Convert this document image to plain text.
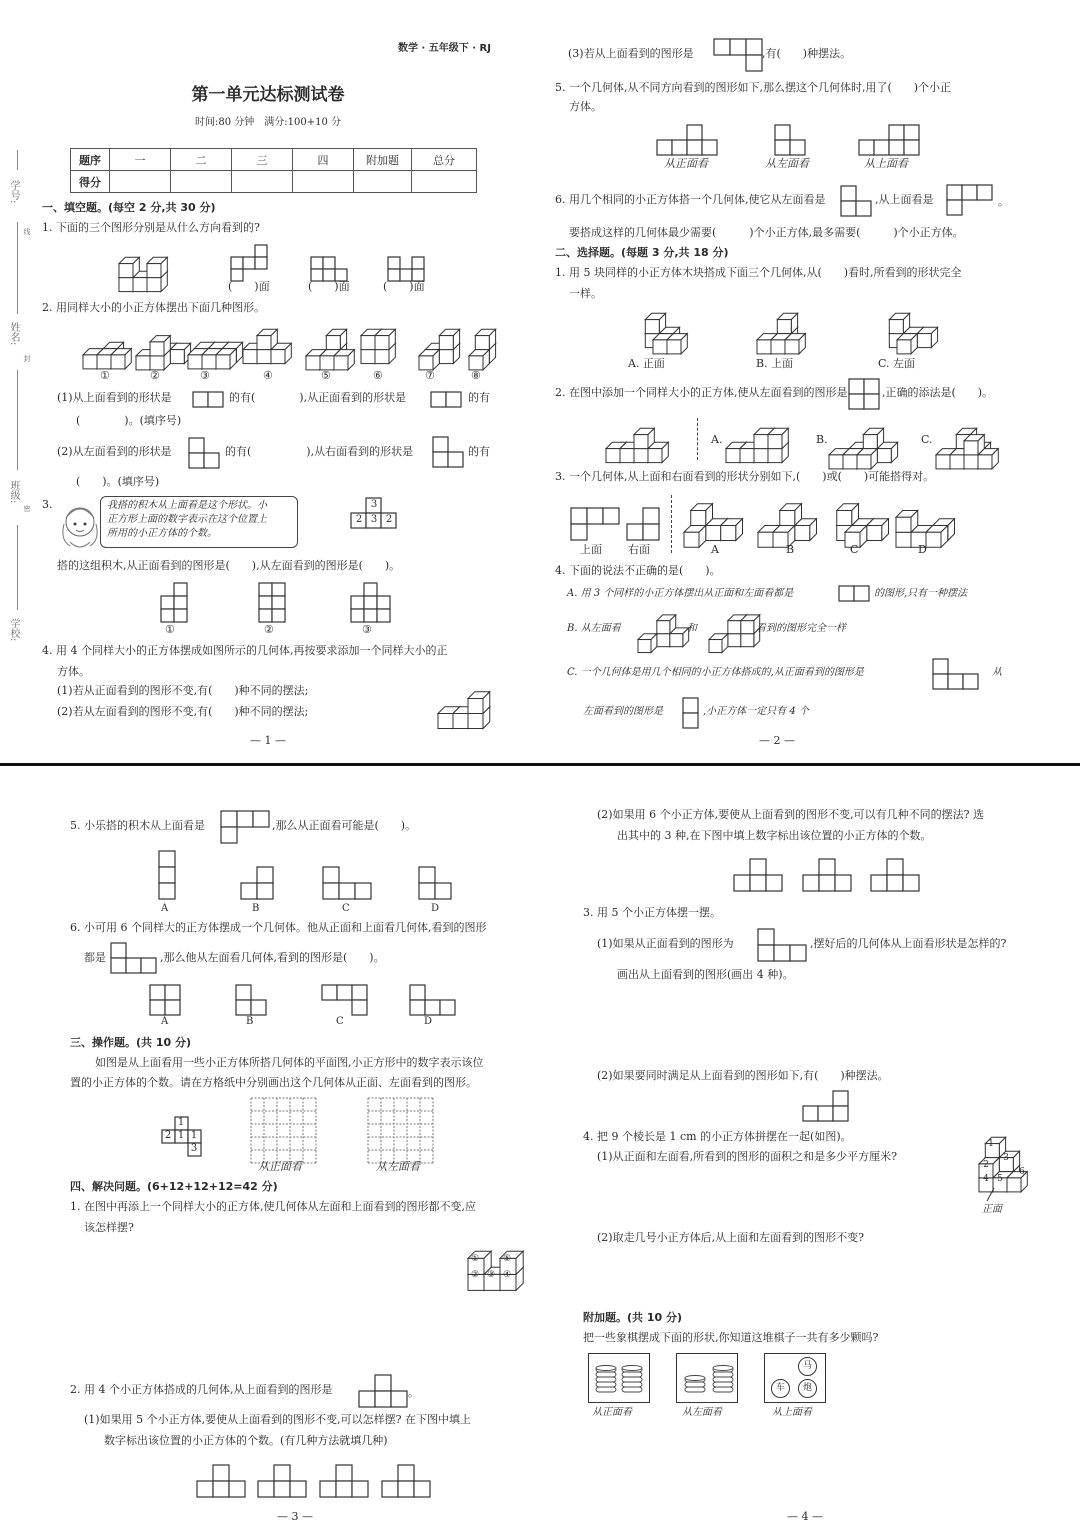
数学 · 五年级下 · RJ
第一单元达标测试卷
时间:80 分钟　满分:100+10 分
题序	一	二	三	四	附加题	总分
得分						
学号:
姓名:
班级:
学校:
线
封
密
一、填空题。(每空 2 分,共 30 分)
1. 下面的三个图形分别是从什么方向看到的?
(　　)面	(　　)面	(　　)面
2. 用同样大小的小正方体摆出下面几种图形。
①	②	③	④	⑤	⑥	⑦	⑧
(1)从上面看到的形状是	的有(　　　　),从正面看到的形状是	的有
(　　　　)。(填序号)
(2)从左面看到的形状是	的有(　　　　　),从右面看到的形状是	的有
(　　)。(填序号)
3.	我搭的积木从上面看是这个形状。小
正方形上面的数字表示在这个位置上
所用的小正方体的个数。
3
2 3 2
搭的这组积木,从正面看到的图形是(　　),从左面看到的图形是(　　)。
①	②	③
4. 用 4 个同样大小的正方体摆成如图所示的几何体,再按要求添加一个同样大小的正
方体。
(1)若从正面看到的图形不变,有(　　)种不同的摆法;
(2)若从左面看到的图形不变,有(　　)种不同的摆法;
— 1 —
(3)若从上面看到的图形是	,有(　　)种摆法。
5. 一个几何体,从不同方向看到的图形如下,那么摆这个几何体时,用了(　　)个小正
方体。
从正面看	从左面看	从上面看
6. 用几个相同的小正方体搭一个几何体,使它从左面看是	,从上面看是	。
要搭成这样的几何体最少需要(　　　)个小正方体,最多需要(　　　)个小正方体。
二、选择题。(每题 3 分,共 18 分)
1. 用 5 块同样的小正方体木块搭成下面三个几何体,从(　　)看时,所看到的形状完全
一样。
A. 正面	B. 上面	C. 左面
2. 在图中添加一个同样大小的正方体,使从左面看到的图形是	,正确的添法是(　　)。
A.	B.	C.
3. 一个几何体,从上面和右面看到的形状分别如下,(　　)或(　　)可能搭得对。
上面 右面	A	B	C	D
4. 下面的说法不正确的是(　　)。
A. 用 3 个同样的小正方体摆出从正面和左面看都是	的图形,只有一种摆法
B. 从左面看	和	看到的图形完全一样
C. 一个几何体是用几个相同的小正方体搭成的,从正面看到的图形是	从
左面看到的图形是	,小正方体一定只有 4 个
— 2 —
5. 小乐搭的积木从上面看是	,那么从正面看可能是(　　)。
A	B	C	D
6. 小可用 6 个同样大的正方体摆成一个几何体。他从正面和上面看几何体,看到的图形
都是	,那么他从左面看几何体,看到的图形是(　　)。
A	B	C	D
三、操作题。(共 10 分)
如图是从上面看用一些小正方体所搭几何体的平面图,小正方形中的数字表示该位
置的小正方体的个数。请在方格纸中分别画出这个几何体从正面、左面看到的图形。
1
2 1 1
3
从正面看	从左面看
四、解决问题。(6+12+12+12=42 分)
1. 在图中再添上一个同样大小的正方体,使几何体从左面和上面看到的图形都不变,应
该怎样摆?
①
② ③ ④
⑤
2. 用 4 个小正方体搭成的几何体,从上面看到的图形是	。
(1)如果用 5 个小正方体,要使从上面看到的图形不变,可以怎样摆? 在下图中填上
数字标出该位置的小正方体的个数。(有几种方法就填几种)
— 3 —
(2)如果用 6 个小正方体,要使从上面看到的图形不变,可以有几种不同的摆法? 选
出其中的 3 种,在下图中填上数字标出该位置的小正方体的个数。
3. 用 5 个小正方体摆一摆。
(1)如果从正面看到的图形为	,摆好后的几何体从上面看形状是怎样的?
画出从上面看到的图形(画出 4 种)。
(2)如果要同时满足从上面看到的图形如下,有(　　)种摆法。
4. 把 9 个棱长是 1 cm 的小正方体拼摆在一起(如图)。
(1)从正面和左面看,所看到的图形的面积之和是多少平方厘米?
1
2
3
4 5
6
正面
(2)取走几号小正方体后,从上面和左面看到的图形不变?
附加题。(共 10 分)
把一些象棋摆成下面的形状,你知道这堆棋子一共有多少颗吗?
马
车	炮
从正面看	从左面看	从上面看
— 4 —
